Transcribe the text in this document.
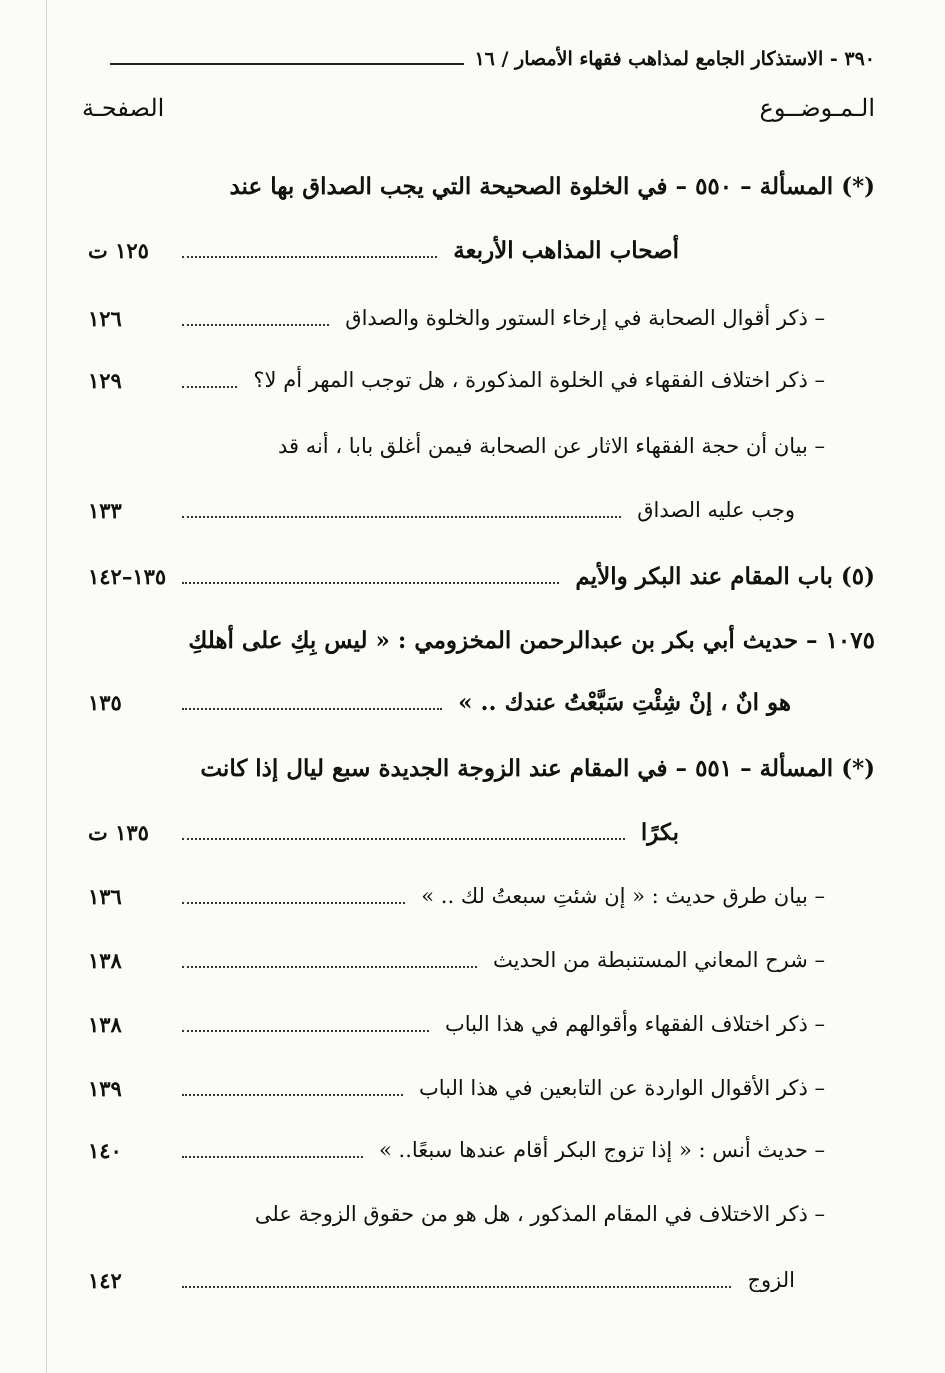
٣٩٠ - الاستذكار الجامع لمذاهب فقهاء الأمصار / ١٦
الـمـوضــوع
الصفحـة
(*) المسألة – ٥٥٠ – في الخلوة الصحيحة التي يجب الصداق بها عند
أصحاب المذاهب الأربعة
١٢٥ ت
– ذكر أقوال الصحابة في إرخاء الستور والخلوة والصداق
١٢٦
– ذكر اختلاف الفقهاء في الخلوة المذكورة ، هل توجب المهر أم لا؟
١٢٩
– بيان أن حجة الفقهاء الاثار عن الصحابة فيمن أغلق بابا ، أنه قد
وجب عليه الصداق
١٣٣
(٥) باب المقام عند البكر والأيم
١٣٥–١٤٢
١٠٧٥ – حديث أبي بكر بن عبدالرحمن المخزومي : « ليس بِكِ على أهلكِ
هو انٌ ، إنْ شِئْتِ سَبَّعْتُ عندك .. »
١٣٥
(*) المسألة – ٥٥١ – في المقام عند الزوجة الجديدة سبع ليال إذا كانت
بكرًا
١٣٥ ت
– بيان طرق حديث : « إن شئتِ سبعتُ لك .. »
١٣٦
– شرح المعاني المستنبطة من الحديث
١٣٨
– ذكر اختلاف الفقهاء وأقوالهم في هذا الباب
١٣٨
– ذكر الأقوال الواردة عن التابعين في هذا الباب
١٣٩
– حديث أنس : « إذا تزوج البكر أقام عندها سبعًا.. »
١٤٠
– ذكر الاختلاف في المقام المذكور ، هل هو من حقوق الزوجة على
الزوج
١٤٢
